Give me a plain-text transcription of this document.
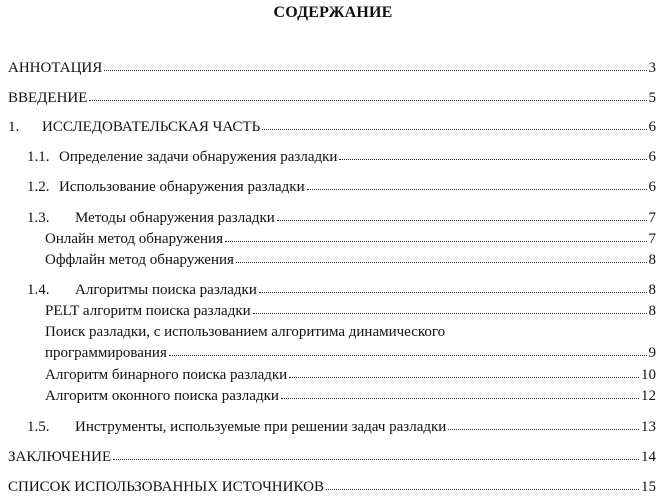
СОДЕРЖАНИЕ
АННОТАЦИЯ	3
ВВЕДЕНИЕ	5
1.	ИССЛЕДОВАТЕЛЬСКАЯ ЧАСТЬ	6
1.1. Определение задачи обнаружения разладки	6
1.2. Использование обнаружения разладки	6
1.3.	Методы обнаружения разладки	7
Онлайн метод обнаружения	7
Оффлайн метод обнаружения	8
1.4.	Алгоритмы поиска разладки	8
PELT алгоритм поиска разладки	8
Поиск разладки, с использованием алгоритима динамического
программирования	9
Алгоритм бинарного поиска разладки	10
Алгоритм оконного поиска разладки	12
1.5.	Инструменты, используемые при решении задач разладки	13
ЗАКЛЮЧЕНИЕ	14
СПИСОК ИСПОЛЬЗОВАННЫХ ИСТОЧНИКОВ	15
